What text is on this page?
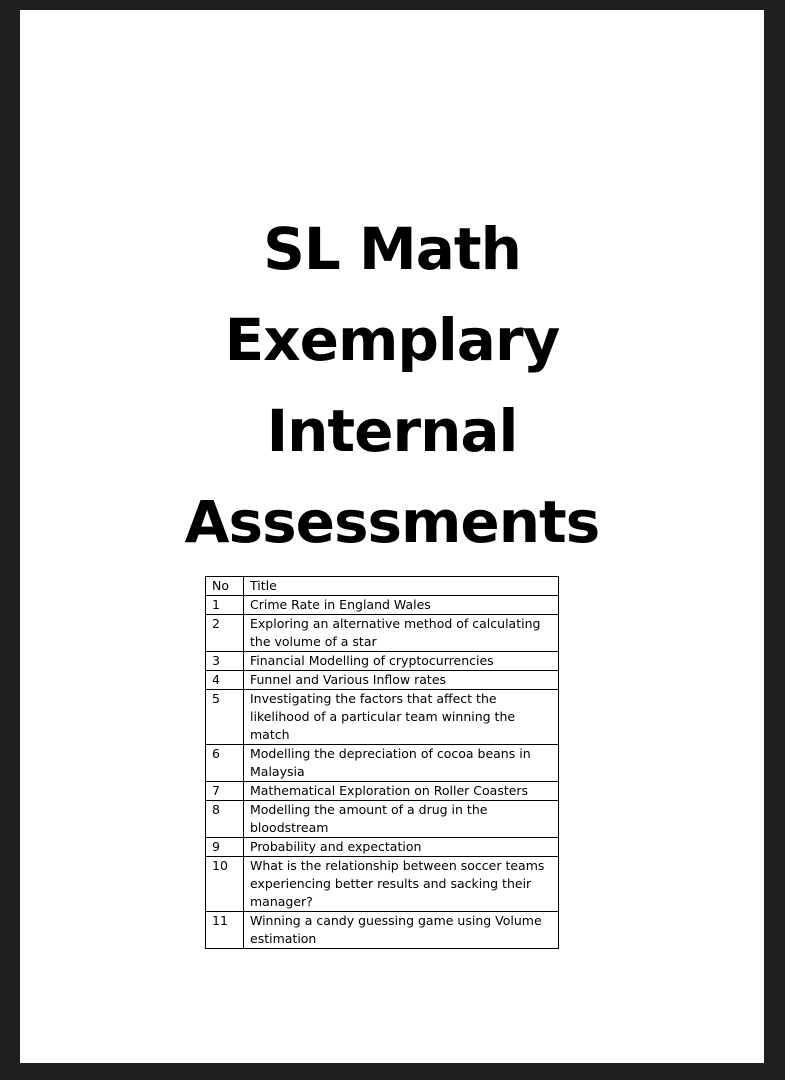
SL Math
Exemplary
Internal
Assessments
No	Title
1	Crime Rate in England Wales
2	Exploring an alternative method of calculating the volume of a star
3	Financial Modelling of cryptocurrencies
4	Funnel and Various Inflow rates
5	Investigating the factors that affect the likelihood of a particular team winning the match
6	Modelling the depreciation of cocoa beans in Malaysia
7	Mathematical Exploration on Roller Coasters
8	Modelling the amount of a drug in the bloodstream
9	Probability and expectation
10	What is the relationship between soccer teams experiencing better results and sacking their manager?
11	Winning a candy guessing game using Volume estimation
